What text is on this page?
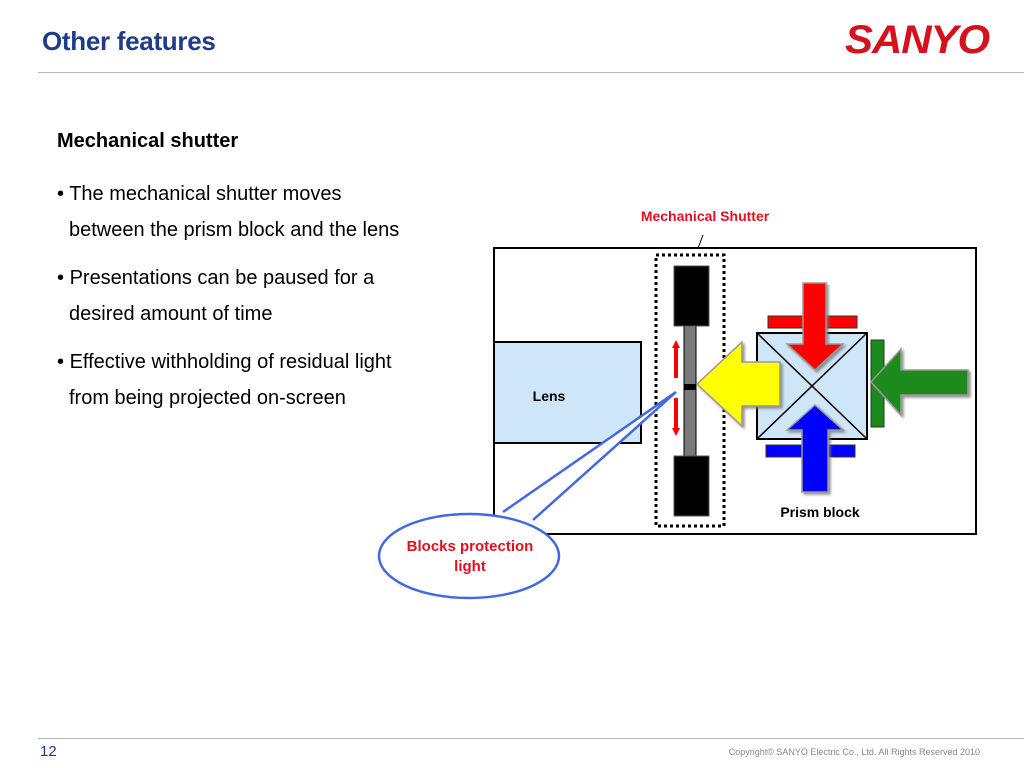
Other features	SANYO
Mechanical shutter
• The mechanical shutter moves between the prism block and the lens
• Presentations can be paused for a desired amount of time
• Effective withholding of residual light from being projected on-screen
Mechanical Shutter
Lens
Prism block
Blocks protection
light
12	Copyright© SANYO Electric Co., Ltd. All Rights Reserved 2010
